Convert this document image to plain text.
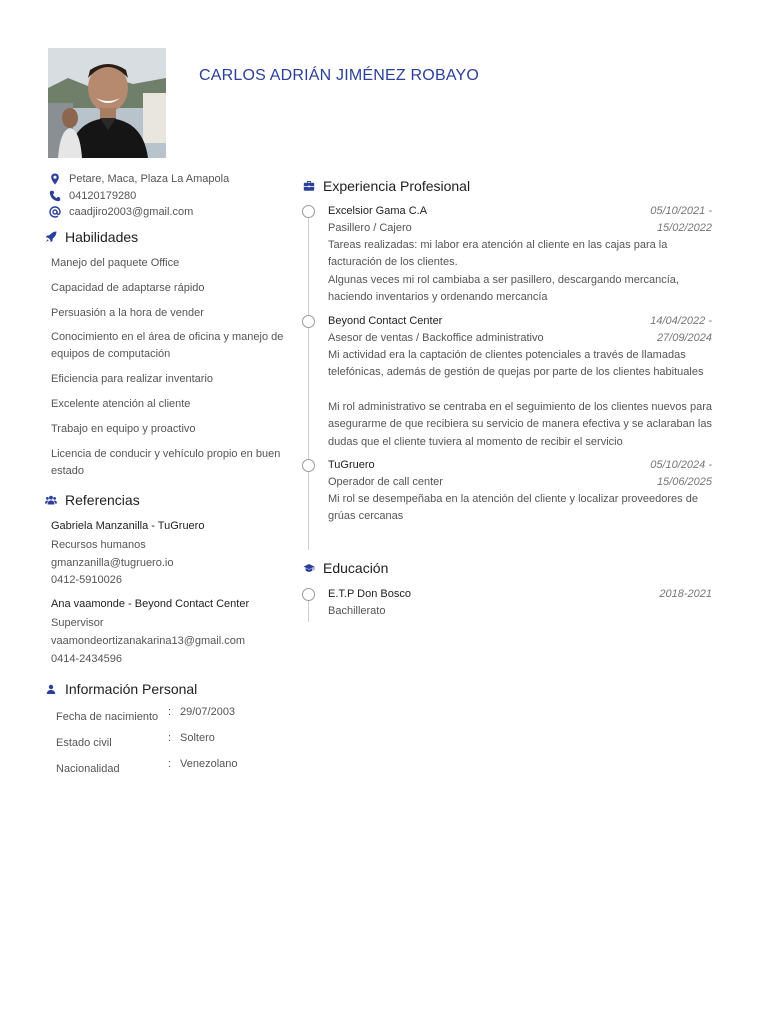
CARLOS ADRIÁN JIMÉNEZ ROBAYO
Petare, Maca, Plaza La Amapola
04120179280
caadjiro2003@gmail.com
Habilidades
Manejo del paquete Office
Capacidad de adaptarse rápido
Persuasión a la hora de vender
Conocimiento en el área de oficina y manejo de equipos de computación
Eficiencia para realizar inventario
Excelente atención al cliente
Trabajo en equipo y proactivo
Licencia de conducir y vehículo propio en buen estado
Referencias
Gabriela Manzanilla - TuGruero
Recursos humanos
gmanzanilla@tugruero.io
0412-5910026
Ana vaamonde - Beyond Contact Center
Supervisor
vaamondeortizanakarina13@gmail.com
0414-2434596
Información Personal
Fecha de nacimiento : 29/07/2003
Estado civil	: Soltero
Nacionalidad	: Venezolano
Experiencia Profesional
Excelsior Gama C.A
Pasillero / Cajero
05/10/2021 -
15/02/2022
Tareas realizadas: mi labor era atención al cliente en las cajas para la facturación de los clientes.
Algunas veces mi rol cambiaba a ser pasillero, descargando mercancía, haciendo inventarios y ordenando mercancía
Beyond Contact Center
Asesor de ventas / Backoffice administrativo
14/04/2022 -
27/09/2024
Mi actividad era la captación de clientes potenciales a través de llamadas telefónicas, además de gestión de quejas por parte de los clientes habituales

Mi rol administrativo se centraba en el seguimiento de los clientes nuevos para asegurarme de que recibiera su servicio de manera efectiva y se aclaraban las dudas que el cliente tuviera al momento de recibir el servicio
TuGruero
Operador de call center
05/10/2024 -
15/06/2025
Mi rol se desempeñaba en la atención del cliente y localizar proveedores de grúas cercanas
Educación
E.T.P Don Bosco
Bachillerato
2018-2021
